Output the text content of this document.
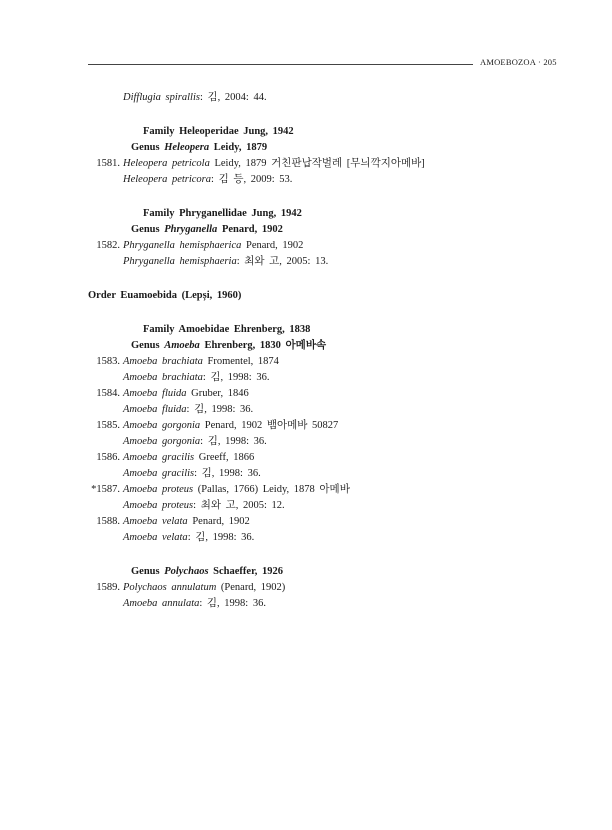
AMOEBOZOA · 205
Difflugia spirallis: 김, 2004: 44.
Family Heleoperidae Jung, 1942
Genus Heleopera Leidy, 1879
1581. Heleopera petricola Leidy, 1879 거친판납작벌레 [무늬깍지아메바]
Heleopera petricora: 김 등, 2009: 53.
Family Phryganellidae Jung, 1942
Genus Phryganella Penard, 1902
1582. Phryganella hemisphaerica Penard, 1902
Phryganella hemisphaeria: 최와 고, 2005: 13.
Order Euamoebida (Lepși, 1960)
Family Amoebidae Ehrenberg, 1838
Genus Amoeba Ehrenberg, 1830 아메바속
1583. Amoeba brachiata Fromentel, 1874
Amoeba brachiata: 김, 1998: 36.
1584. Amoeba fluida Gruber, 1846
Amoeba fluida: 김, 1998: 36.
1585. Amoeba gorgonia Penard, 1902 뱀아메바 50827
Amoeba gorgonia: 김, 1998: 36.
1586. Amoeba gracilis Greeff, 1866
Amoeba gracilis: 김, 1998: 36.
*1587. Amoeba proteus (Pallas, 1766) Leidy, 1878 아메바
Amoeba proteus: 최와 고, 2005: 12.
1588. Amoeba velata Penard, 1902
Amoeba velata: 김, 1998: 36.
Genus Polychaos Schaeffer, 1926
1589. Polychaos annulatum (Penard, 1902)
Amoeba annulata: 김, 1998: 36.
